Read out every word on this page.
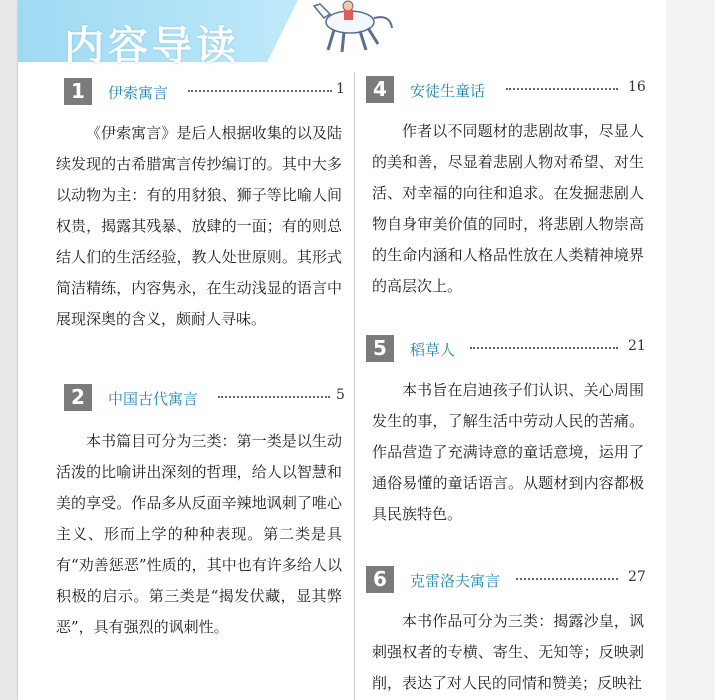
内容导读
1	伊索寓言	1
《伊索寓言》是后人根据收集的以及陆续发现的古希腊寓言传抄编订的。其中大多以动物为主：有的用豺狼、狮子等比喻人间权贵，揭露其残暴、放肆的一面；有的则总结人们的生活经验，教人处世原则。其形式简洁精练，内容隽永，在生动浅显的语言中展现深奥的含义，颇耐人寻味。
2	中国古代寓言	5
本书篇目可分为三类：第一类是以生动活泼的比喻讲出深刻的哲理，给人以智慧和美的享受。作品多从反面辛辣地讽刺了唯心主义、形而上学的种种表现。第二类是具有“劝善惩恶”性质的，其中也有许多给人以积极的启示。第三类是“揭发伏藏，显其弊恶”，具有强烈的讽刺性。
4	安徒生童话	16
作者以不同题材的悲剧故事，尽显人的美和善，尽显着悲剧人物对希望、对生活、对幸福的向往和追求。在发掘悲剧人物自身审美价值的同时，将悲剧人物崇高的生命内涵和人格品性放在人类精神境界的高层次上。
5	稻草人	21
本书旨在启迪孩子们认识、关心周围发生的事，了解生活中劳动人民的苦痛。作品营造了充满诗意的童话意境，运用了通俗易懂的童话语言。从题材到内容都极具民族特色。
6	克雷洛夫寓言	27
本书作品可分为三类：揭露沙皇，讽刺强权者的专横、寄生、无知等；反映剥削，表达了对人民的同情和赞美；反映社
